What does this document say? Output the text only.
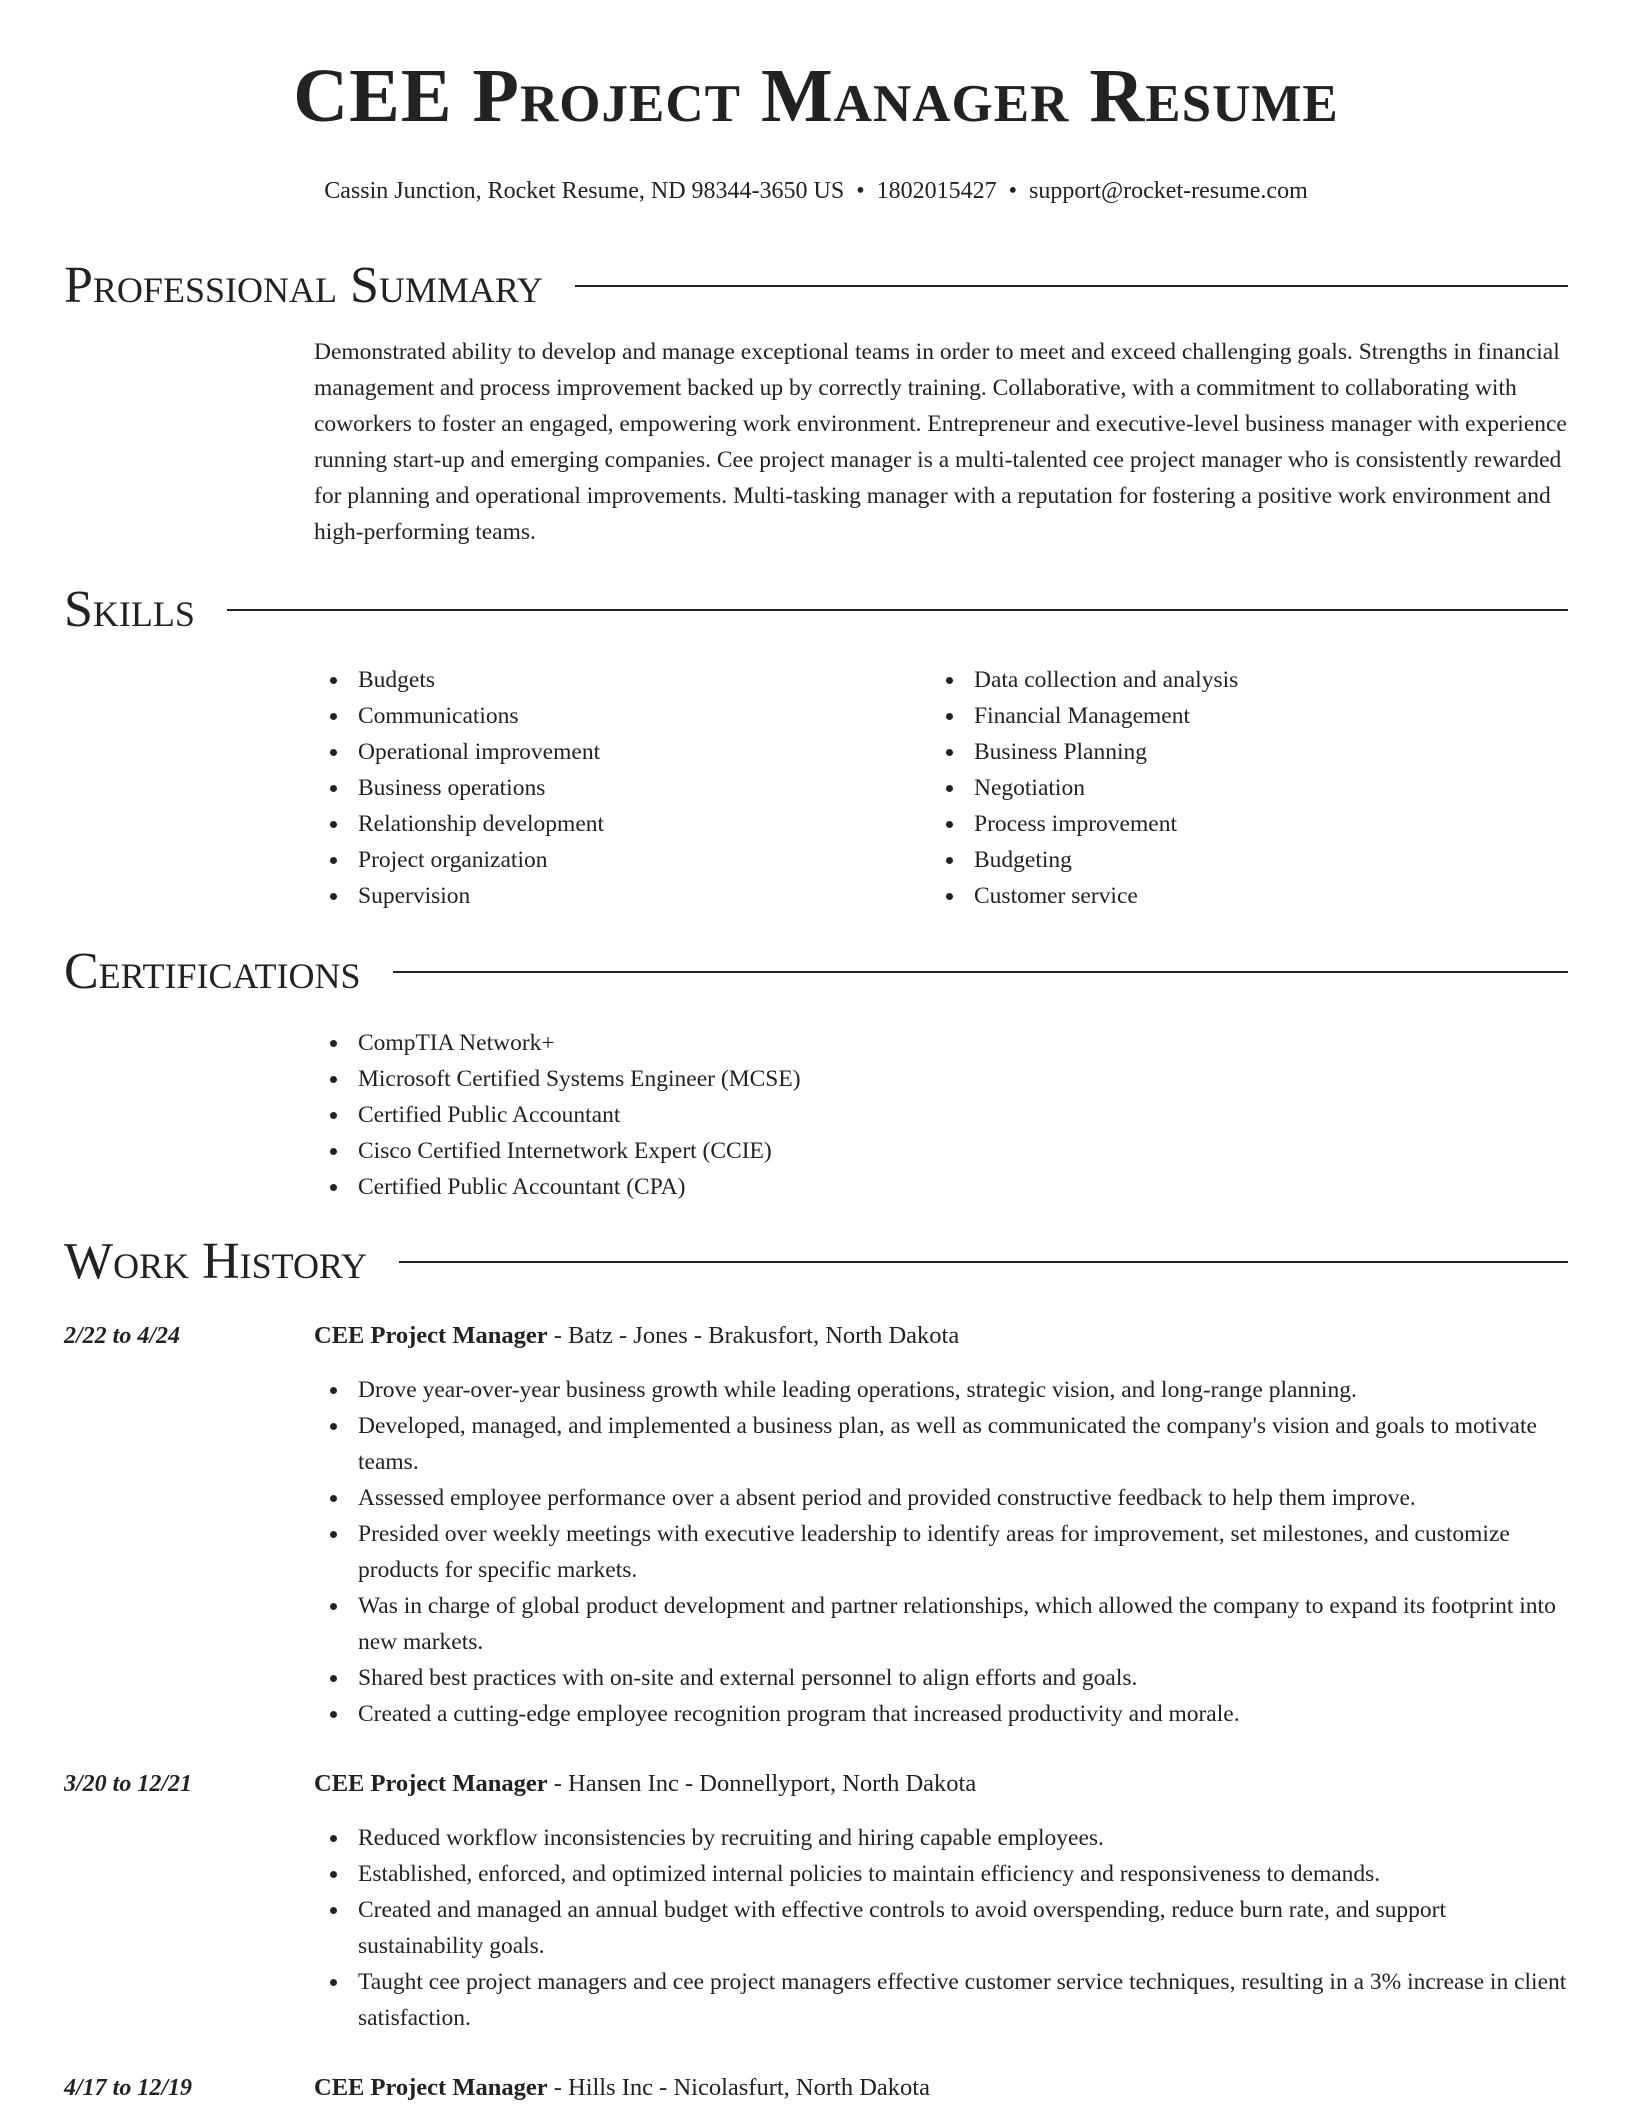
CEE Project Manager Resume
Cassin Junction, Rocket Resume, ND 98344-3650 US • 1802015427 • support@rocket-resume.com
Professional Summary

Demonstrated ability to develop and manage exceptional teams in order to meet and exceed challenging goals. Strengths in financial management and process improvement backed up by correctly training. Collaborative, with a commitment to collaborating with coworkers to foster an engaged, empowering work environment. Entrepreneur and executive-level business manager with experience running start-up and emerging companies. Cee project manager is a multi-talented cee project manager who is consistently rewarded for planning and operational improvements. Multi-tasking manager with a reputation for fostering a positive work environment and high-performing teams.

Skills
Budgets
Communications
Operational improvement
Business operations
Relationship development
Project organization
Supervision
Data collection and analysis
Financial Management
Business Planning
Negotiation
Process improvement
Budgeting
Customer service
Certifications
CompTIA Network+
Microsoft Certified Systems Engineer (MCSE)
Certified Public Accountant
Cisco Certified Internetwork Expert (CCIE)
Certified Public Accountant (CPA)
Work History
2/22 to 4/24	CEE Project Manager - Batz - Jones - Brakusfort, North Dakota
Drove year-over-year business growth while leading operations, strategic vision, and long-range planning.
Developed, managed, and implemented a business plan, as well as communicated the company's vision and goals to motivate teams.
Assessed employee performance over a absent period and provided constructive feedback to help them improve.
Presided over weekly meetings with executive leadership to identify areas for improvement, set milestones, and customize products for specific markets.
Was in charge of global product development and partner relationships, which allowed the company to expand its footprint into new markets.
Shared best practices with on-site and external personnel to align efforts and goals.
Created a cutting-edge employee recognition program that increased productivity and morale.
3/20 to 12/21	CEE Project Manager - Hansen Inc - Donnellyport, North Dakota
Reduced workflow inconsistencies by recruiting and hiring capable employees.
Established, enforced, and optimized internal policies to maintain efficiency and responsiveness to demands.
Created and managed an annual budget with effective controls to avoid overspending, reduce burn rate, and support sustainability goals.
Taught cee project managers and cee project managers effective customer service techniques, resulting in a 3% increase in client satisfaction.
4/17 to 12/19	CEE Project Manager - Hills Inc - Nicolasfurt, North Dakota
